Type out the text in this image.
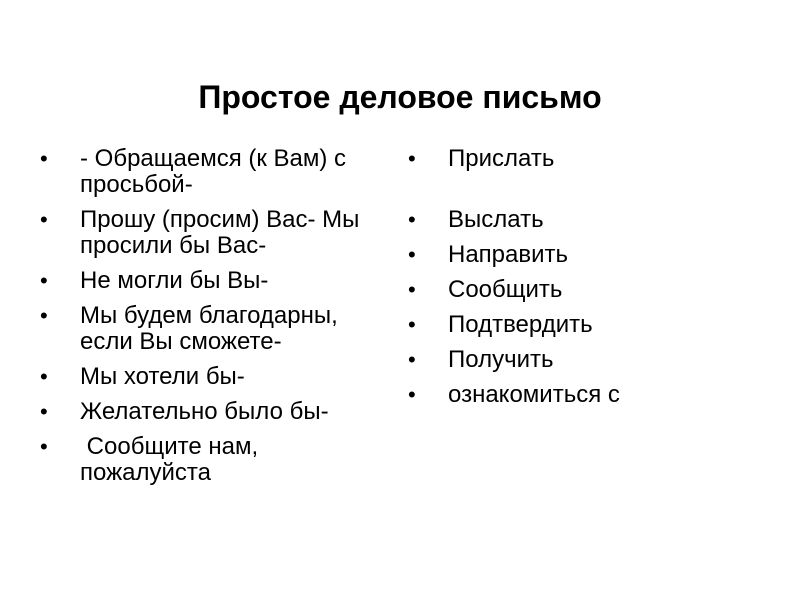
Простое деловое письмо
•	- Обращаемся (к Вам) с просьбой-
•	Прошу (просим) Вас- Мы просили бы Вас-
•	Не могли бы Вы-
•	Мы будем благодарны, если Вы сможете-
•	Мы хотели бы-
•	Желательно было бы-
•	Сообщите нам, пожалуйста
•	Прислать
•	Выслать
•	Направить
•	Сообщить
•	Подтвердить
•	Получить
•	ознакомиться с
